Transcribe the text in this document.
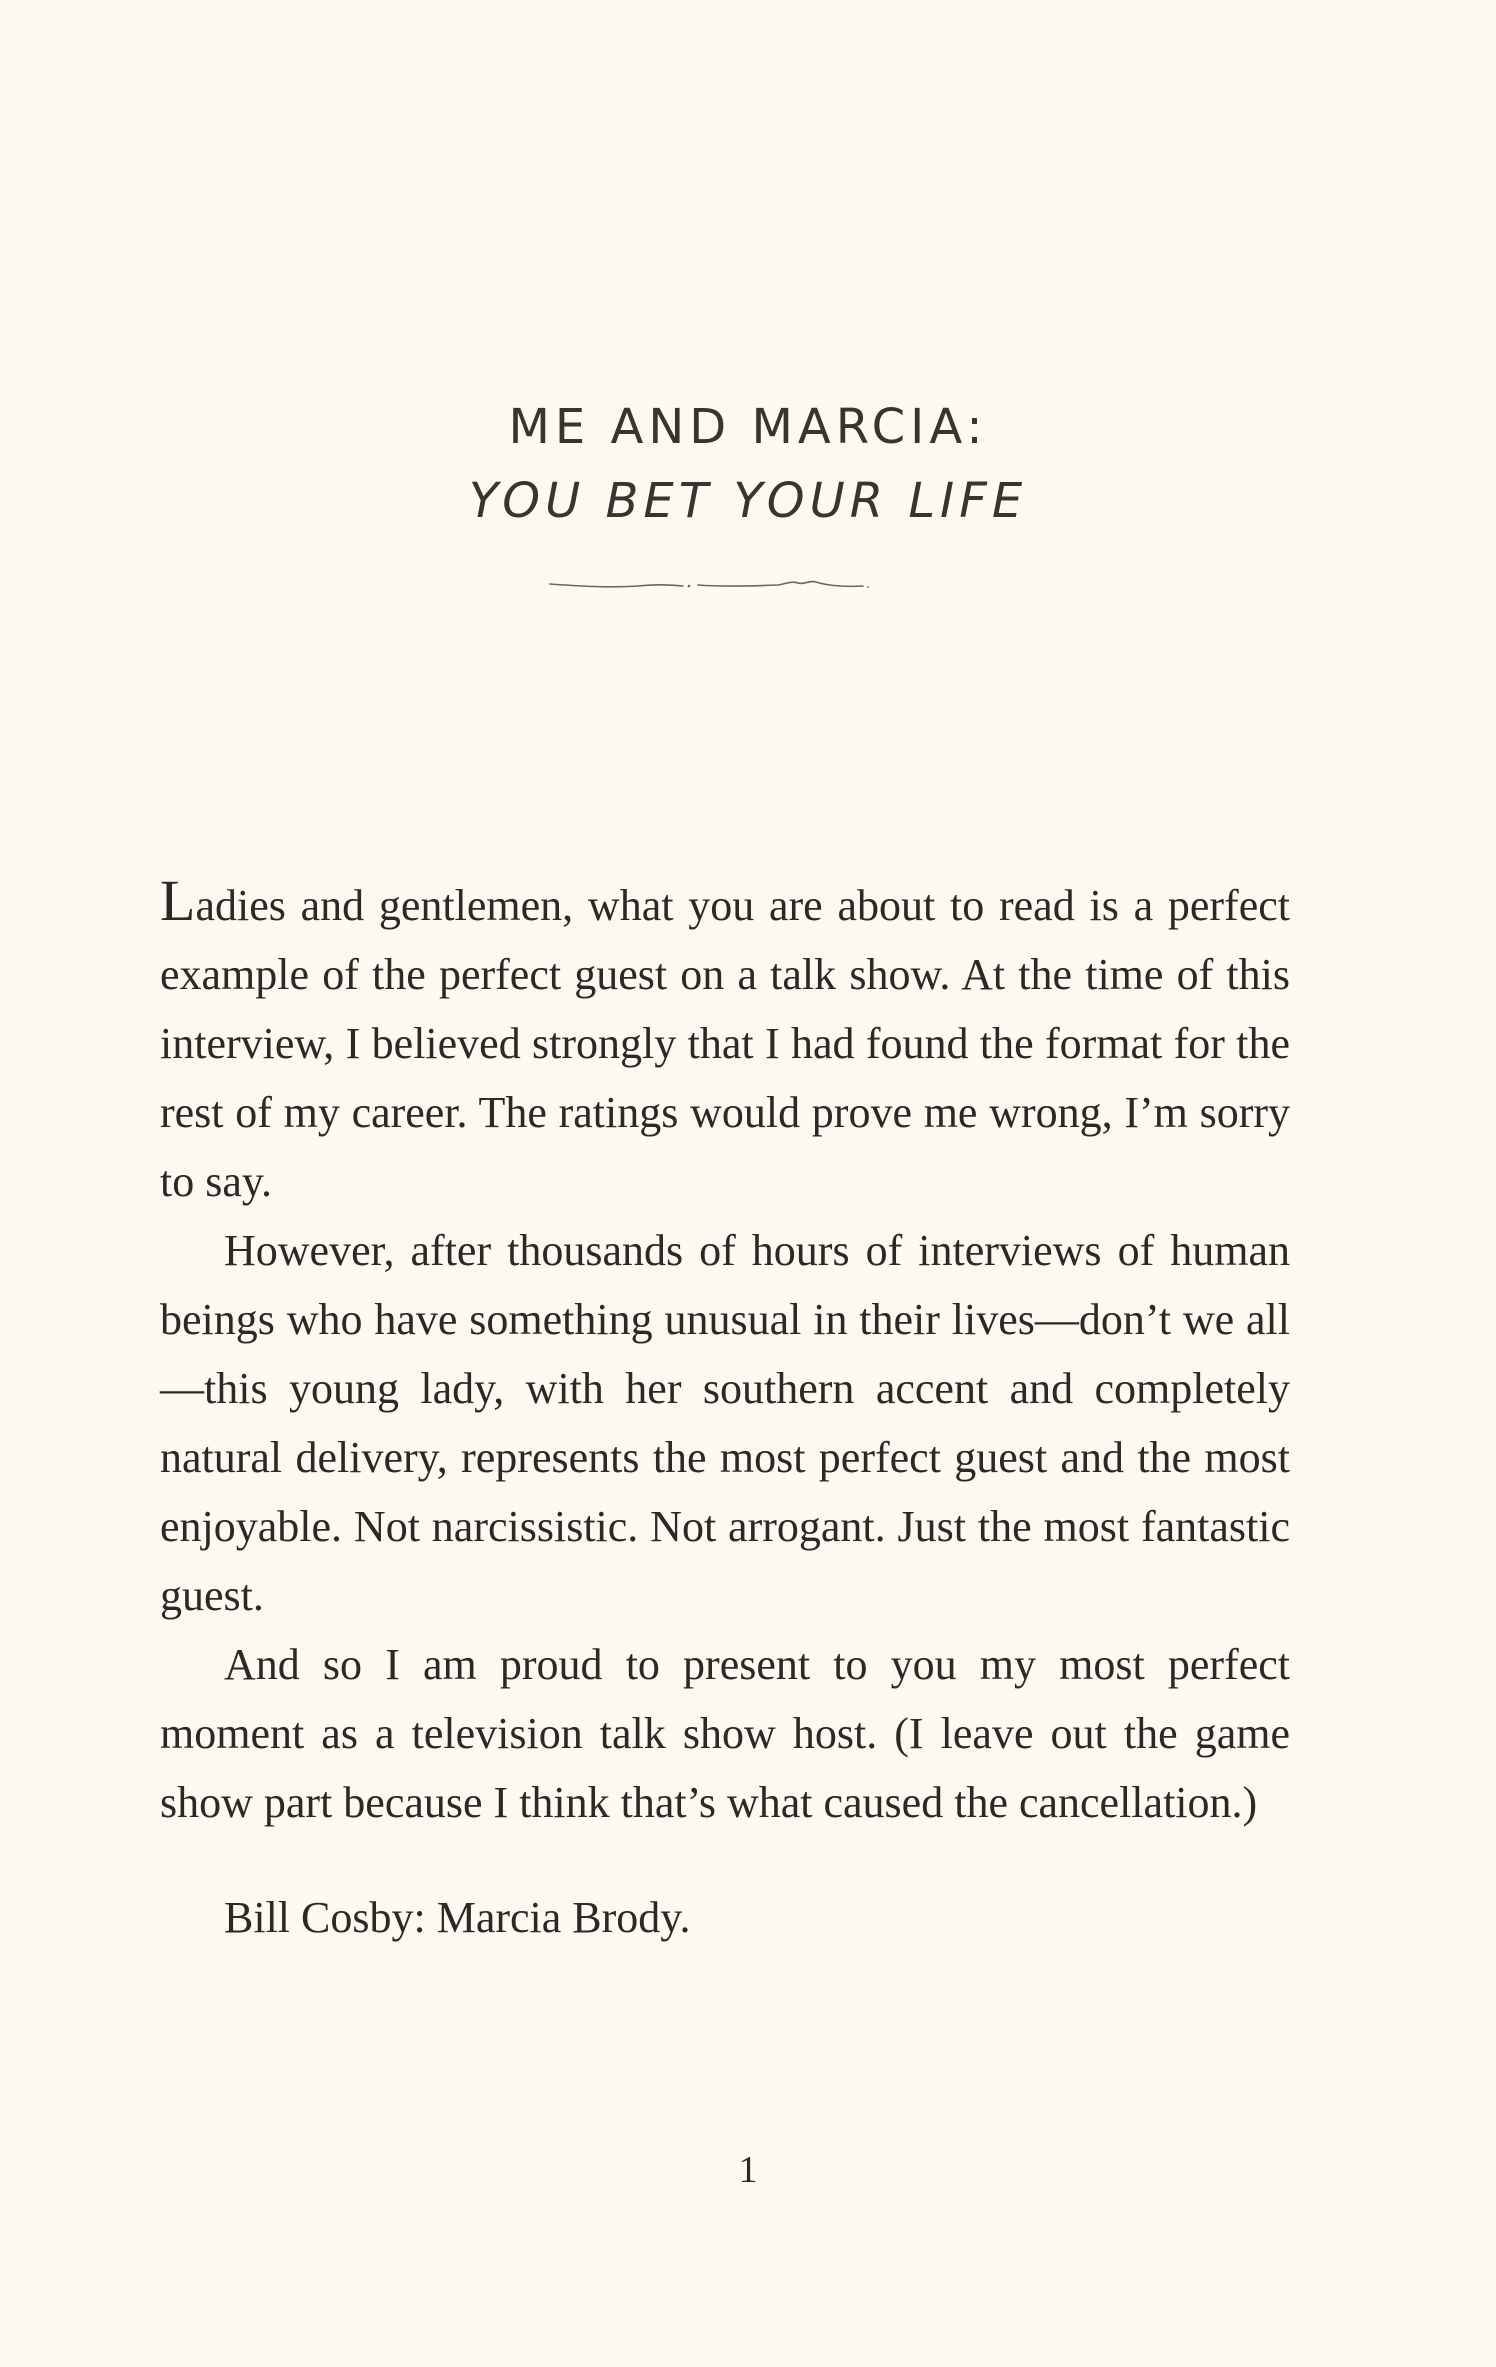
ME AND MARCIA:
YOU BET YOUR LIFE

Ladies and gentlemen, what you are about to read is a perfect example of the perfect guest on a talk show. At the time of this interview, I believed strongly that I had found the format for the rest of my career. The ratings would prove me wrong, I’m sorry to say.

However, after thousands of hours of interviews of human beings who have something unusual in their lives—don’t we all—this young lady, with her southern accent and completely natural delivery, represents the most perfect guest and the most enjoyable. Not narcissistic. Not arrogant. Just the most fantastic guest.

And so I am proud to present to you my most perfect moment as a television talk show host. (I leave out the game show part because I think that’s what caused the cancellation.)

Bill Cosby: Marcia Brody.

1
